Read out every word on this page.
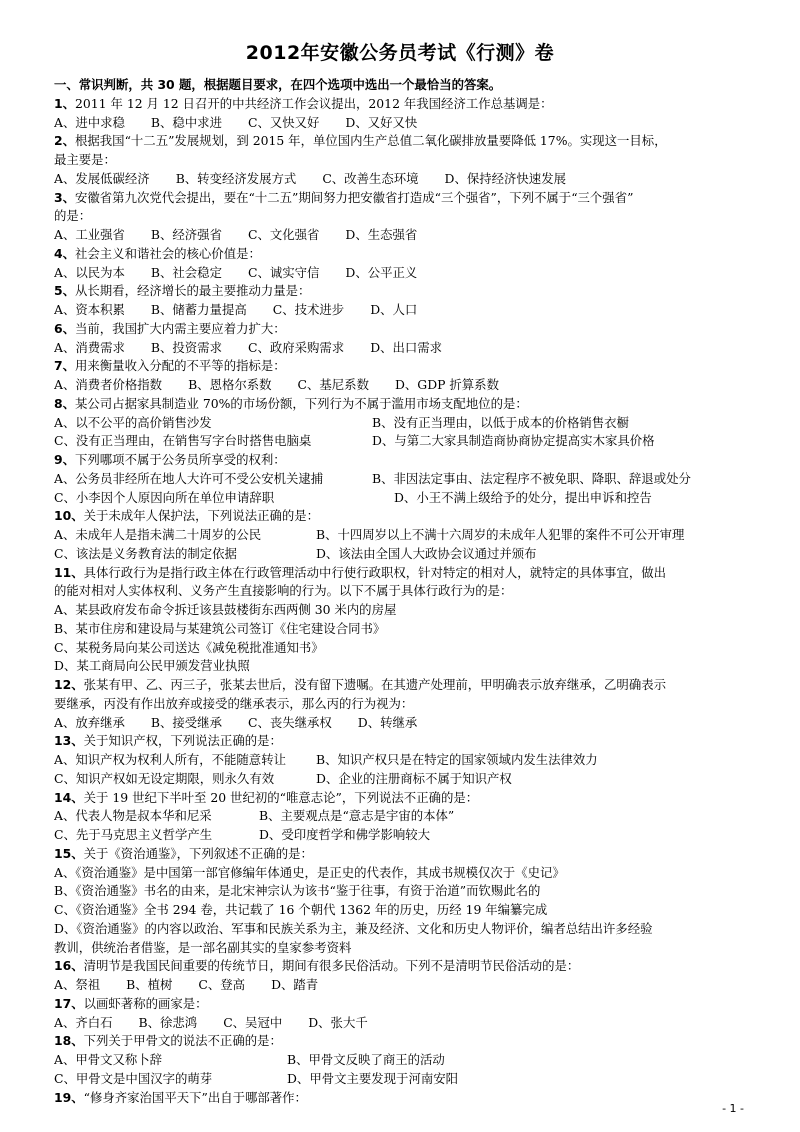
2012年安徽公务员考试《行测》卷
一、常识判断，共 30 题，根据题目要求，在四个选项中选出一个最恰当的答案。
1、2011 年 12 月 12 日召开的中共经济工作会议提出，2012 年我国经济工作总基调是：
A、进中求稳 B、稳中求进 C、又快又好 D、又好又快
2、根据我国“十二五”发展规划，到 2015 年，单位国内生产总值二氧化碳排放量要降低 17%。实现这一目标，
最主要是：
A、发展低碳经济 B、转变经济发展方式 C、改善生态环境 D、保持经济快速发展
3、安徽省第九次党代会提出，要在“十二五”期间努力把安徽省打造成“三个强省”，下列不属于“三个强省”
的是：
A、工业强省 B、经济强省 C、文化强省 D、生态强省
4、社会主义和谐社会的核心价值是：
A、以民为本 B、社会稳定 C、诚实守信 D、公平正义
5、从长期看，经济增长的最主要推动力量是：
A、资本积累 B、储蓄力量提高 C、技术进步 D、人口
6、当前，我国扩大内需主要应着力扩大：
A、消费需求 B、投资需求 C、政府采购需求 D、出口需求
7、用来衡量收入分配的不平等的指标是：
A、消费者价格指数 B、恩格尔系数 C、基尼系数 D、GDP 折算系数
8、某公司占据家具制造业 70%的市场份额，下列行为不属于滥用市场支配地位的是：
A、以不公平的高价销售沙发	B、没有正当理由，以低于成本的价格销售衣橱
C、没有正当理由，在销售写字台时搭售电脑桌	D、与第二大家具制造商协商协定提高实木家具价格
9、下列哪项不属于公务员所享受的权利：
A、公务员非经所在地人大许可不受公安机关逮捕	B、非因法定事由、法定程序不被免职、降职、辞退或处分
C、小李因个人原因向所在单位申请辞职	D、小王不满上级给予的处分，提出申诉和控告
10、关于未成年人保护法，下列说法正确的是：
A、未成年人是指未满二十周岁的公民	B、十四周岁以上不满十六周岁的未成年人犯罪的案件不可公开审理
C、该法是义务教育法的制定依据	D、该法由全国人大政协会议通过并颁布
11、具体行政行为是指行政主体在行政管理活动中行使行政职权，针对特定的相对人，就特定的具体事宜，做出
的能对相对人实体权利、义务产生直接影响的行为。以下不属于具体行政行为的是：
A、某县政府发布命令拆迁该县鼓楼街东西两侧 30 米内的房屋
B、某市住房和建设局与某建筑公司签订《住宅建设合同书》
C、某税务局向某公司送达《减免税批准通知书》
D、某工商局向公民甲颁发营业执照
12、张某有甲、乙、丙三子，张某去世后，没有留下遗嘱。在其遗产处理前，甲明确表示放弃继承，乙明确表示
要继承，丙没有作出放弃或接受的继承表示，那么丙的行为视为：
A、放弃继承 B、接受继承 C、丧失继承权 D、转继承
13、关于知识产权，下列说法正确的是：
A、知识产权为权利人所有，不能随意转让	B、知识产权只是在特定的国家领域内发生法律效力
C、知识产权如无设定期限，则永久有效	D、企业的注册商标不属于知识产权
14、关于 19 世纪下半叶至 20 世纪初的“唯意志论”，下列说法不正确的是：
A、代表人物是叔本华和尼采	B、主要观点是“意志是宇宙的本体”
C、先于马克思主义哲学产生	D、受印度哲学和佛学影响较大
15、关于《资治通鉴》，下列叙述不正确的是：
A、《资治通鉴》是中国第一部官修编年体通史，是正史的代表作，其成书规模仅次于《史记》
B、《资治通鉴》书名的由来，是北宋神宗认为该书“鉴于往事，有资于治道”而钦赐此名的
C、《资治通鉴》全书 294 卷，共记载了 16 个朝代 1362 年的历史，历经 19 年编纂完成
D、《资治通鉴》的内容以政治、军事和民族关系为主，兼及经济、文化和历史人物评价，编者总结出许多经验
教训，供统治者借鉴，是一部名副其实的皇家参考资料
16、清明节是我国民间重要的传统节日，期间有很多民俗活动。下列不是清明节民俗活动的是：
A、祭祖 B、植树 C、登高 D、踏青
17、以画虾著称的画家是：
A、齐白石 B、徐悲鸿 C、吴冠中 D、张大千
18、下列关于甲骨文的说法不正确的是：
A、甲骨文又称卜辞	B、甲骨文反映了商王的活动
C、甲骨文是中国汉字的萌芽	D、甲骨文主要发现于河南安阳
19、“修身齐家治国平天下”出自于哪部著作：
- 1 -
